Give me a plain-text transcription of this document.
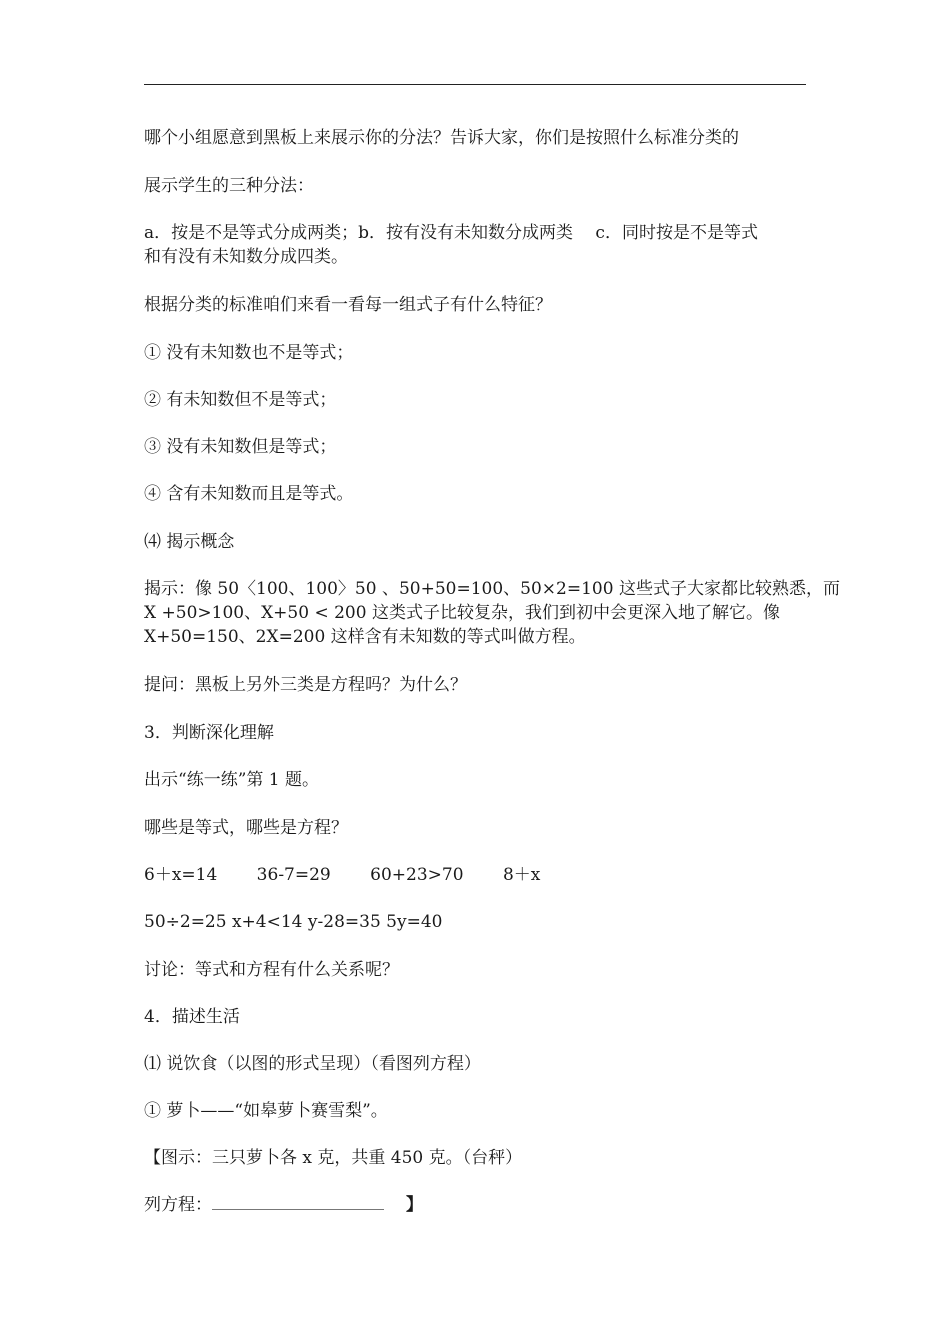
哪个小组愿意到黑板上来展示你的分法？告诉大家，你们是按照什么标准分类的
展示学生的三种分法：
a．按是不是等式分成两类；b．按有没有未知数分成两类　 c．同时按是不是等式
和有没有未知数分成四类。
根据分类的标准咱们来看一看每一组式子有什么特征？
① 没有未知数也不是等式；
② 有未知数但不是等式；
③ 没有未知数但是等式；
④ 含有未知数而且是等式。
⑷ 揭示概念
揭示：像 50〈100、100〉50 、50+50=100、50×2=100 这些式子大家都比较熟悉，而
X +50>100、X+50 < 200 这类式子比较复杂，我们到初中会更深入地了解它。像
X+50=150、2X=200 这样含有未知数的等式叫做方程。
提问：黑板上另外三类是方程吗？为什么？
3．判断深化理解
出示“练一练”第 1 题。
哪些是等式，哪些是方程？
6＋x=14　　 36-7=29　　 60+23>70　　 8＋x
50÷2=25 x+4<14 y-28=35 5y=40
讨论：等式和方程有什么关系呢？
4．描述生活
⑴ 说饮食（以图的形式呈现）（看图列方程）
① 萝卜——“如皋萝卜赛雪梨”。
【图示：三只萝卜各 x 克，共重 450 克。（台秤）
列方程：	】
